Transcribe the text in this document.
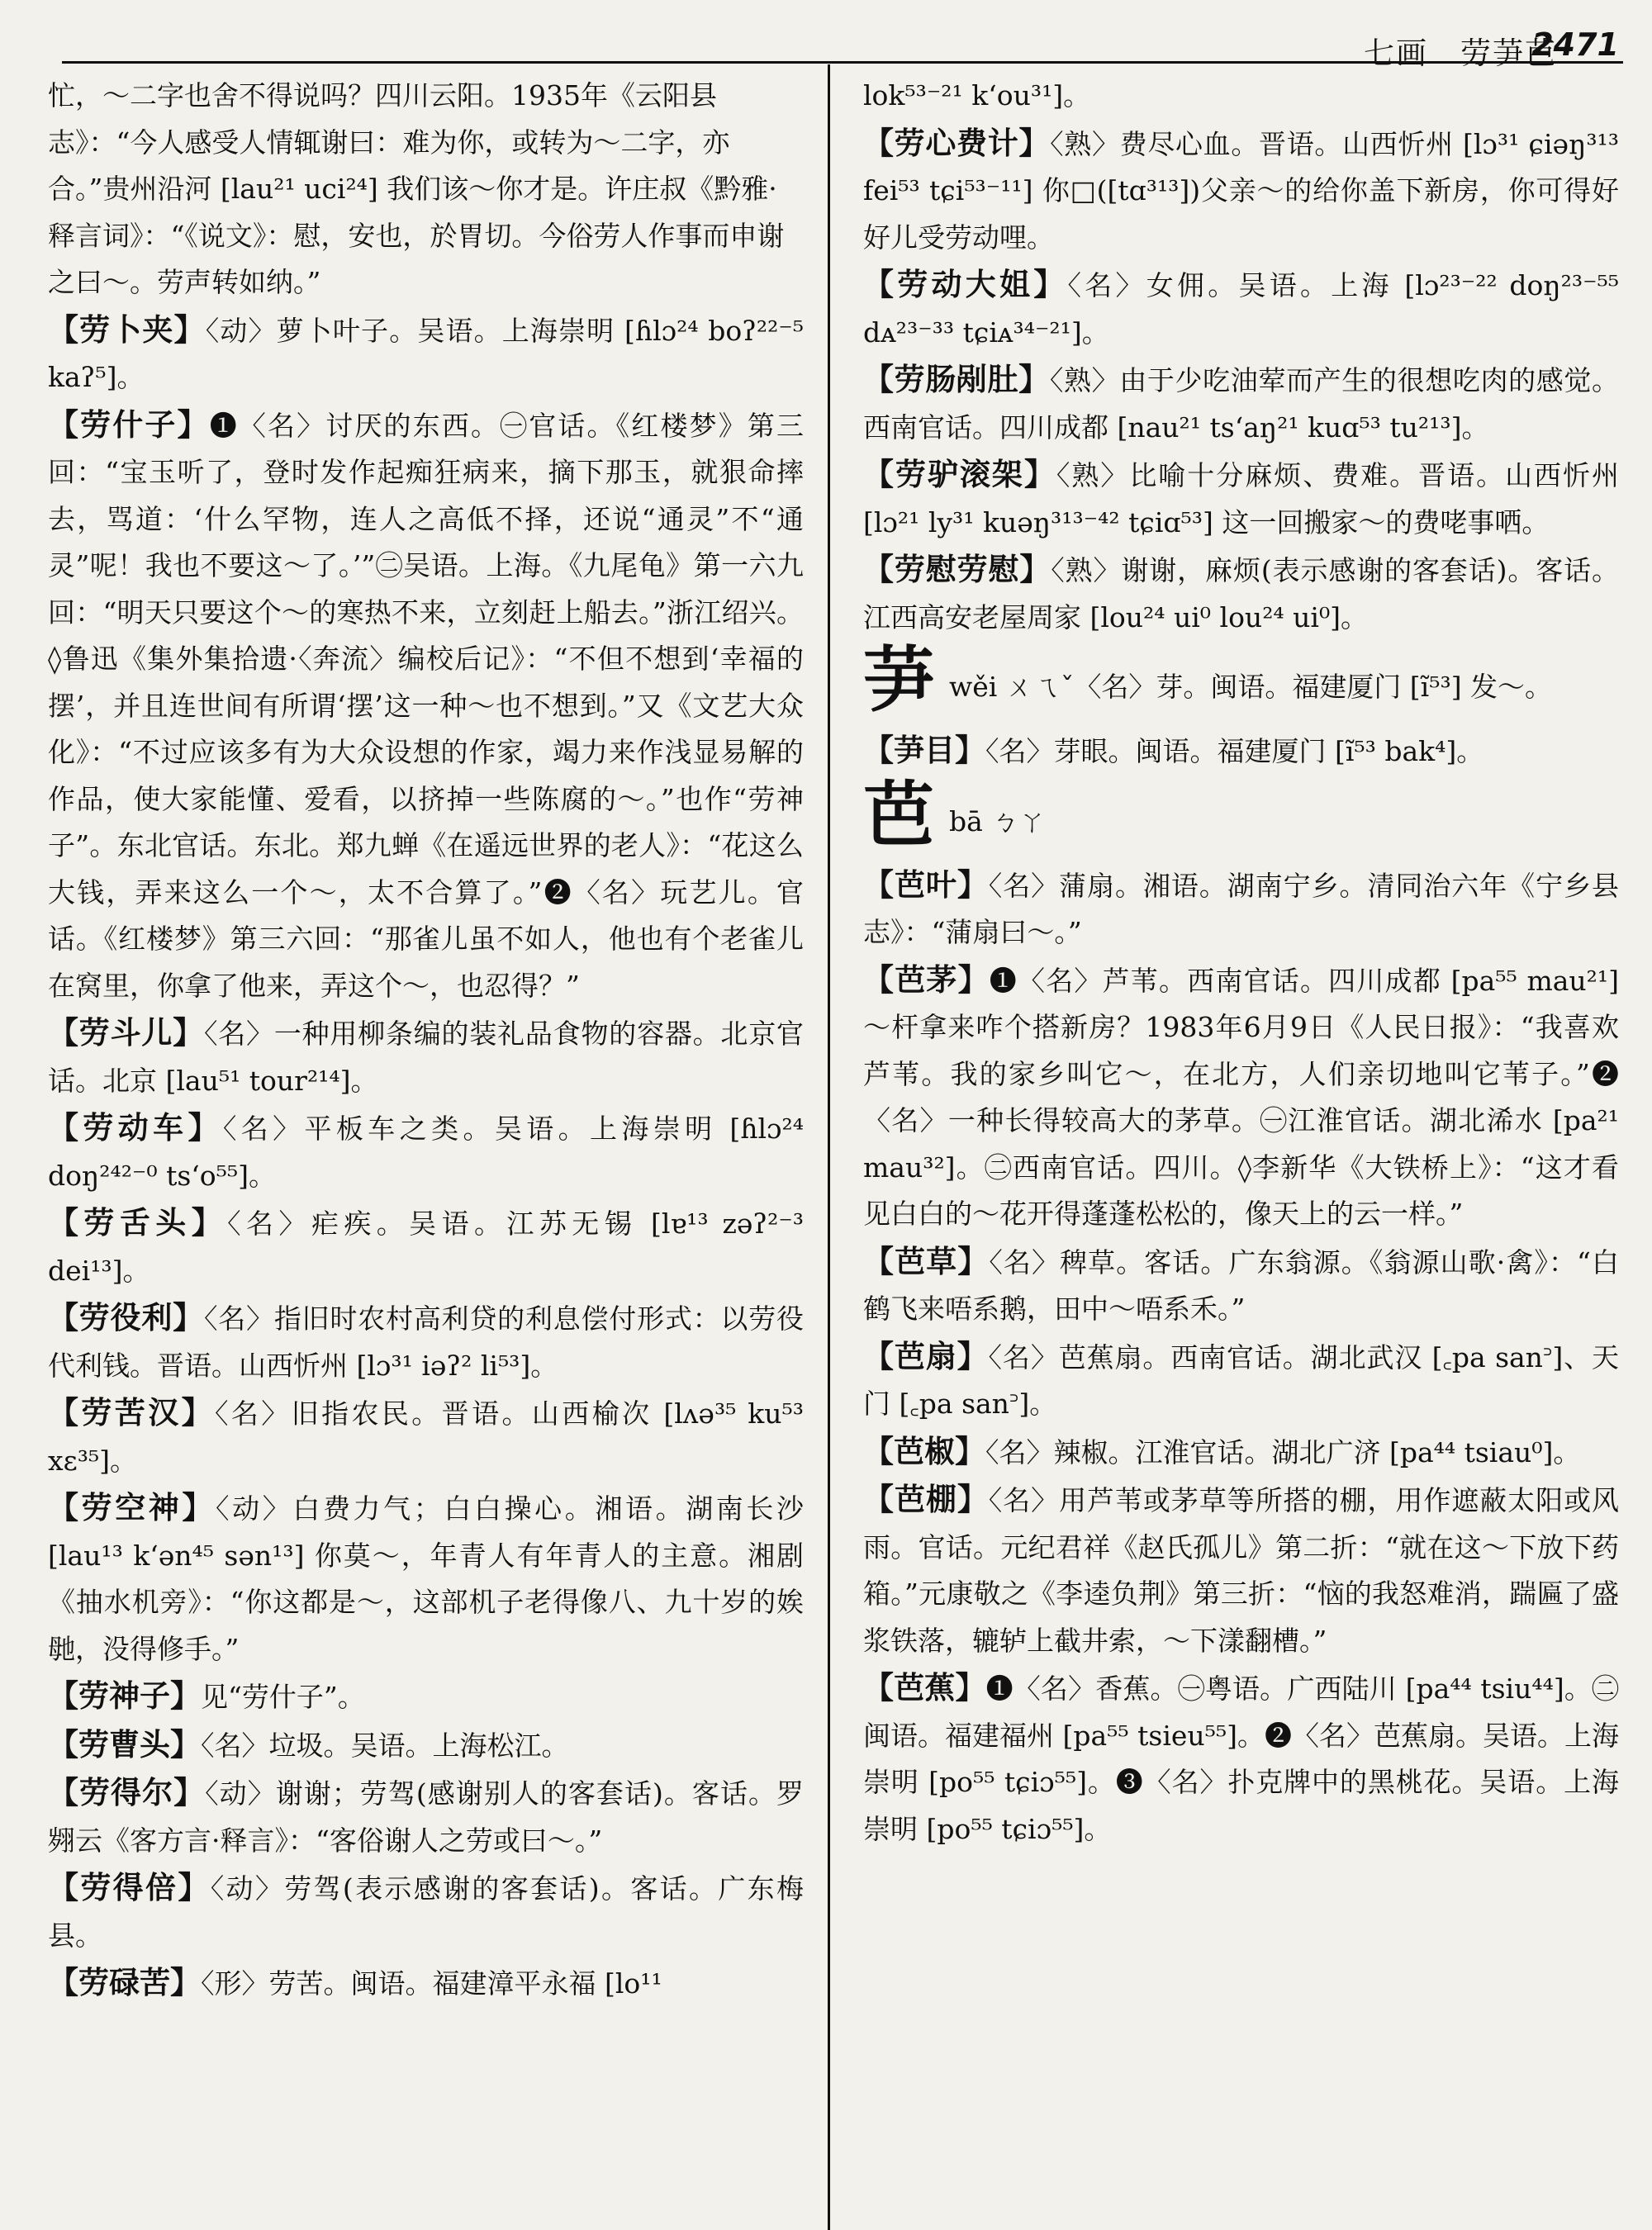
七画　劳芛芭
2471

忙，～二字也舍不得说吗？四川云阳。1935年《云阳县志》：“今人感受人情辄谢曰：难为你，或转为～二字，亦合。”贵州沿河 [lau²¹ uci²⁴] 我们该～你才是。许庄叔《黔雅·释言词》：“《说文》：慰，安也，於胃切。今俗劳人作事而申谢之曰～。劳声转如纳。”

【劳卜夹】〈动〉萝卜叶子。吴语。上海崇明 [ɦlɔ²⁴ boʔ²²⁻⁵ kaʔ⁵]。

【劳什子】❶〈名〉讨厌的东西。㊀官话。《红楼梦》第三回：“宝玉听了，登时发作起痴狂病来，摘下那玉，就狠命摔去，骂道：‘什么罕物，连人之高低不择，还说“通灵”不“通灵”呢！我也不要这～了。’”㊁吴语。上海。《九尾龟》第一六九回：“明天只要这个～的寒热不来，立刻赶上船去。”浙江绍兴。◊鲁迅《集外集拾遗·〈奔流〉编校后记》：“不但不想到‘幸福的摆’，并且连世间有所谓‘摆’这一种～也不想到。”又《文艺大众化》：“不过应该多有为大众设想的作家，竭力来作浅显易解的作品，使大家能懂、爱看，以挤掉一些陈腐的～。”也作“劳神子”。东北官话。东北。郑九蝉《在遥远世界的老人》：“花这么大钱，弄来这么一个～，太不合算了。”❷〈名〉玩艺儿。官话。《红楼梦》第三六回：“那雀儿虽不如人，他也有个老雀儿在窝里，你拿了他来，弄这个～，也忍得？”

【劳斗儿】〈名〉一种用柳条编的装礼品食物的容器。北京官话。北京 [lau⁵¹ tour²¹⁴]。

【劳动车】〈名〉平板车之类。吴语。上海崇明 [ɦlɔ²⁴ doŋ²⁴²⁻⁰ ts‘o⁵⁵]。

【劳舌头】〈名〉疟疾。吴语。江苏无锡 [lɐ¹³ zəʔ²⁻³ dei¹³]。

【劳役利】〈名〉指旧时农村高利贷的利息偿付形式：以劳役代利钱。晋语。山西忻州 [lɔ³¹ iəʔ² li⁵³]。

【劳苦汉】〈名〉旧指农民。晋语。山西榆次 [lʌə³⁵ ku⁵³ xɛ³⁵]。

【劳空神】〈动〉白费力气；白白操心。湘语。湖南长沙 [lau¹³ k‘ən⁴⁵ sən¹³] 你莫～，年青人有年青人的主意。湘剧《抽水机旁》：“你这都是～，这部机子老得像八、九十岁的娭毑，没得修手。”

【劳神子】见“劳什子”。

【劳曹头】〈名〉垃圾。吴语。上海松江。

【劳得尔】〈动〉谢谢；劳驾(感谢别人的客套话)。客话。罗翙云《客方言·释言》：“客俗谢人之劳或曰～。”

【劳得倍】〈动〉劳驾(表示感谢的客套话)。客话。广东梅县。

【劳碌苦】〈形〉劳苦。闽语。福建漳平永福 [lo¹¹

lok⁵³⁻²¹ k‘ou³¹]。

【劳心费计】〈熟〉费尽心血。晋语。山西忻州 [lɔ³¹ ɕiəŋ³¹³ fei⁵³ tɕi⁵³⁻¹¹] 你□([tɑ³¹³])父亲～的给你盖下新房，你可得好好儿受劳动哩。

【劳动大姐】〈名〉女佣。吴语。上海 [lɔ²³⁻²² doŋ²³⁻⁵⁵ dᴀ²³⁻³³ tɕiᴀ³⁴⁻²¹]。

【劳肠剐肚】〈熟〉由于少吃油荤而产生的很想吃肉的感觉。西南官话。四川成都 [nau²¹ ts‘aŋ²¹ kuɑ⁵³ tu²¹³]。

【劳驴滚架】〈熟〉比喻十分麻烦、费难。晋语。山西忻州 [lɔ²¹ ly³¹ kuəŋ³¹³⁻⁴² tɕiɑ⁵³] 这一回搬家～的费咾事哂。

【劳慰劳慰】〈熟〉谢谢，麻烦(表示感谢的客套话)。客话。江西高安老屋周家 [lou²⁴ ui⁰ lou²⁴ ui⁰]。

芛wěi ㄨㄟˇ〈名〉芽。闽语。福建厦门 [ĩ⁵³] 发～。

【芛目】〈名〉芽眼。闽语。福建厦门 [ĩ⁵³ bak⁴]。

芭bā ㄅㄚ

【芭叶】〈名〉蒲扇。湘语。湖南宁乡。清同治六年《宁乡县志》：“蒲扇曰～。”

【芭茅】❶〈名〉芦苇。西南官话。四川成都 [pa⁵⁵ mau²¹]～杆拿来咋个搭新房？1983年6月9日《人民日报》：“我喜欢芦苇。我的家乡叫它～，在北方，人们亲切地叫它苇子。”❷〈名〉一种长得较高大的茅草。㊀江淮官话。湖北浠水 [pa²¹ mau³²]。㊁西南官话。四川。◊李新华《大铁桥上》：“这才看见白白的～花开得蓬蓬松松的，像天上的云一样。”

【芭草】〈名〉稗草。客话。广东翁源。《翁源山歌·禽》：“白鹤飞来唔系鹅，田中～唔系禾。”

【芭扇】〈名〉芭蕉扇。西南官话。湖北武汉 [꜀pa san꜄]、天门 [꜀pa san꜄]。

【芭椒】〈名〉辣椒。江淮官话。湖北广济 [pa⁴⁴ tsiau⁰]。

【芭棚】〈名〉用芦苇或茅草等所搭的棚，用作遮蔽太阳或风雨。官话。元纪君祥《赵氏孤儿》第二折：“就在这～下放下药箱。”元康敬之《李逵负荆》第三折：“恼的我怒难消，踹匾了盛浆铁落，辘轳上截井索，～下漾翻槽。”

【芭蕉】❶〈名〉香蕉。㊀粤语。广西陆川 [pa⁴⁴ tsiu⁴⁴]。㊁闽语。福建福州 [pa⁵⁵ tsieu⁵⁵]。❷〈名〉芭蕉扇。吴语。上海崇明 [po⁵⁵ tɕiɔ⁵⁵]。❸〈名〉扑克牌中的黑桃花。吴语。上海崇明 [po⁵⁵ tɕiɔ⁵⁵]。
